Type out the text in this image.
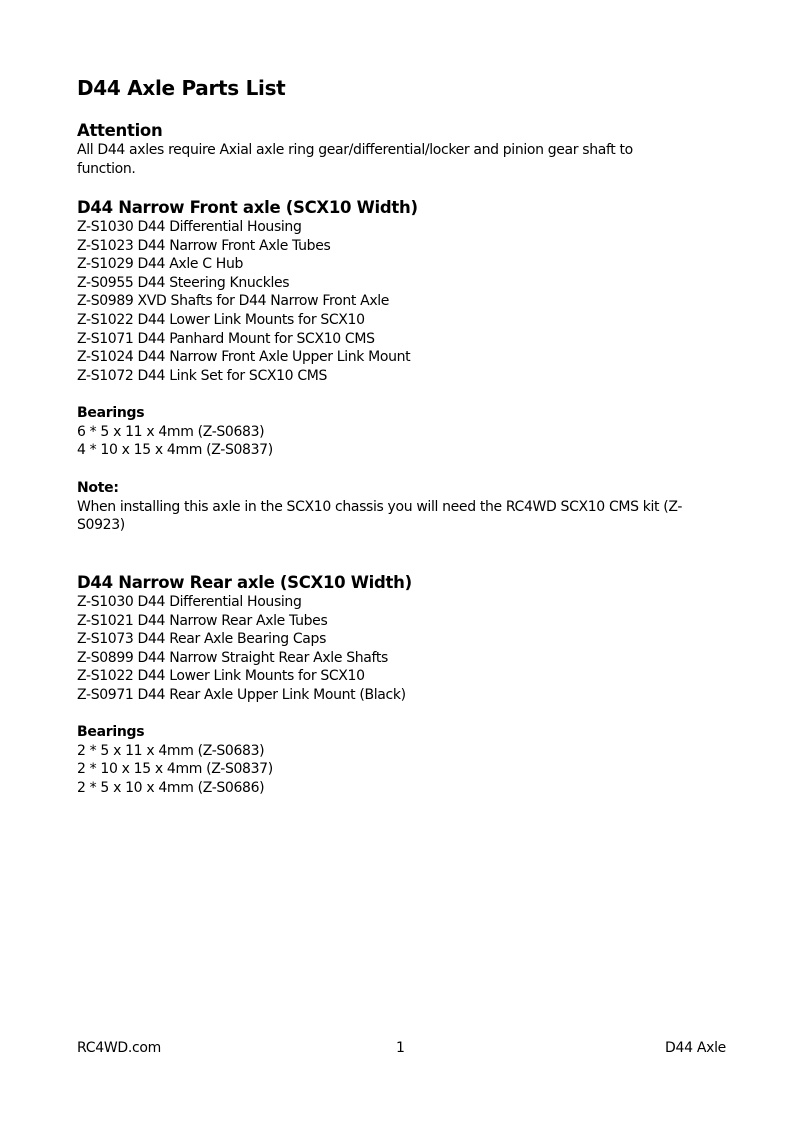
D44 Axle Parts List
Attention
All D44 axles require Axial axle ring gear/differential/locker and pinion gear shaft to function.
D44 Narrow Front axle (SCX10 Width)
Z-S1030 D44 Differential Housing
Z-S1023 D44 Narrow Front Axle Tubes
Z-S1029 D44 Axle C Hub
Z-S0955 D44 Steering Knuckles
Z-S0989 XVD Shafts for D44 Narrow Front Axle
Z-S1022 D44 Lower Link Mounts for SCX10
Z-S1071 D44 Panhard Mount for SCX10 CMS
Z-S1024 D44 Narrow Front Axle Upper Link Mount
Z-S1072 D44 Link Set for SCX10 CMS
Bearings
6 * 5 x 11 x 4mm (Z-S0683)
4 * 10 x 15 x 4mm (Z-S0837)
Note:
When installing this axle in the SCX10 chassis you will need the RC4WD SCX10 CMS kit (Z-S0923)
D44 Narrow Rear axle (SCX10 Width)
Z-S1030 D44 Differential Housing
Z-S1021 D44 Narrow Rear Axle Tubes
Z-S1073 D44 Rear Axle Bearing Caps
Z-S0899 D44 Narrow Straight Rear Axle Shafts
Z-S1022 D44 Lower Link Mounts for SCX10
Z-S0971 D44 Rear Axle Upper Link Mount (Black)
Bearings
2 * 5 x 11 x 4mm (Z-S0683)
2 * 10 x 15 x 4mm (Z-S0837)
2 * 5 x 10 x 4mm (Z-S0686)
RC4WD.com	1	D44 Axle
